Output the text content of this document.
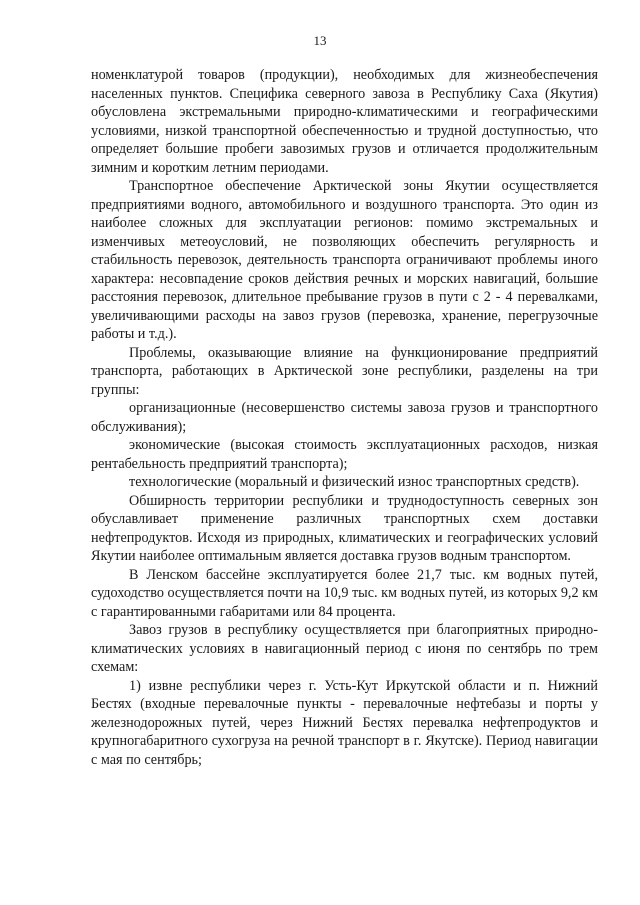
13

номенклатурой товаров (продукции), необходимых для жизнеобеспечения населенных пунктов. Специфика северного завоза в Республику Саха (Якутия) обусловлена экстремальными природно-климатическими и географическими условиями, низкой транспортной обеспеченностью и трудной доступностью, что определяет большие пробеги завозимых грузов и отличается продолжительным зимним и коротким летним периодами.

Транспортное обеспечение Арктической зоны Якутии осуществляется предприятиями водного, автомобильного и воздушного транспорта. Это один из наиболее сложных для эксплуатации регионов: помимо экстремальных и изменчивых метеоусловий, не позволяющих обеспечить регулярность и стабильность перевозок, деятельность транспорта ограничивают проблемы иного характера: несовпадение сроков действия речных и морских навигаций, большие расстояния перевозок, длительное пребывание грузов в пути с 2 - 4 перевалками, увеличивающими расходы на завоз грузов (перевозка, хранение, перегрузочные работы и т.д.).

Проблемы, оказывающие влияние на функционирование предприятий транспорта, работающих в Арктической зоне республики, разделены на три группы:

организационные (несовершенство системы завоза грузов и транспортного обслуживания);

экономические (высокая стоимость эксплуатационных расходов, низкая рентабельность предприятий транспорта);

технологические (моральный и физический износ транспортных средств).

Обширность территории республики и труднодоступность северных зон обуславливает применение различных транспортных схем доставки нефтепродуктов. Исходя из природных, климатических и географических условий Якутии наиболее оптимальным является доставка грузов водным транспортом.

В Ленском бассейне эксплуатируется более 21,7 тыс. км водных путей, судоходство осуществляется почти на 10,9 тыс. км водных путей, из которых 9,2 км с гарантированными габаритами или 84 процента.

Завоз грузов в республику осуществляется при благоприятных природно-климатических условиях в навигационный период с июня по сентябрь по трем схемам:

1) извне республики через г. Усть-Кут Иркутской области и п. Нижний Бестях (входные перевалочные пункты - перевалочные нефтебазы и порты у железнодорожных путей, через Нижний Бестях перевалка нефтепродуктов и крупногабаритного сухогруза на речной транспорт в г. Якутске). Период навигации с мая по сентябрь;
